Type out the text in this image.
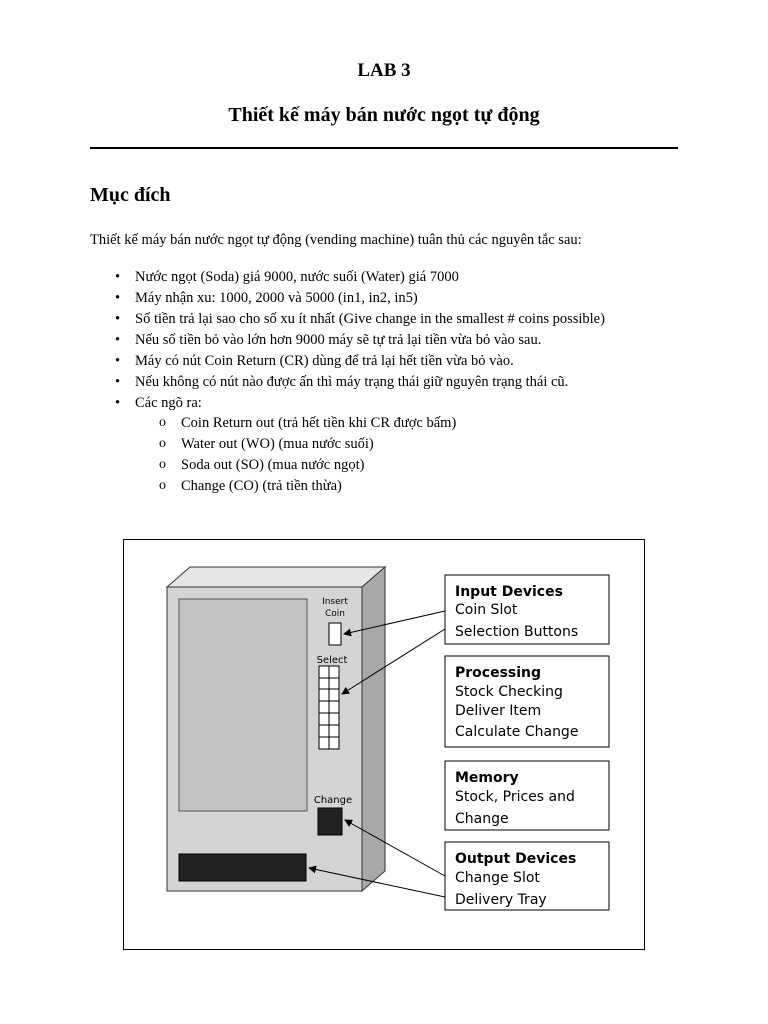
LAB 3
Thiết kế máy bán nước ngọt tự động
Mục đích
Thiết kế máy bán nước ngọt tự động (vending machine) tuân thủ các nguyên tắc sau:
• Nước ngọt (Soda) giá 9000, nước suối (Water) giá 7000
• Máy nhận xu: 1000, 2000 và 5000 (in1, in2, in5)
• Số tiền trả lại sao cho số xu ít nhất (Give change in the smallest # coins possible)
• Nếu số tiền bỏ vào lớn hơn 9000 máy sẽ tự trả lại tiền vừa bỏ vào sau.
• Máy có nút Coin Return (CR) dùng để trả lại hết tiền vừa bỏ vào.
• Nếu không có nút nào được ấn thì máy trạng thái giữ nguyên trạng thái cũ.
• Các ngõ ra:
o Coin Return out (trả hết tiền khi CR được bấm)
o Water out (WO) (mua nước suối)
o Soda out (SO) (mua nước ngọt)
o Change (CO) (trả tiền thừa)
Insert
Coin
Select
Change
Input Devices
Coin Slot
Selection Buttons
Processing
Stock Checking
Deliver Item
Calculate Change
Memory
Stock, Prices and
Change
Output Devices
Change Slot
Delivery Tray
